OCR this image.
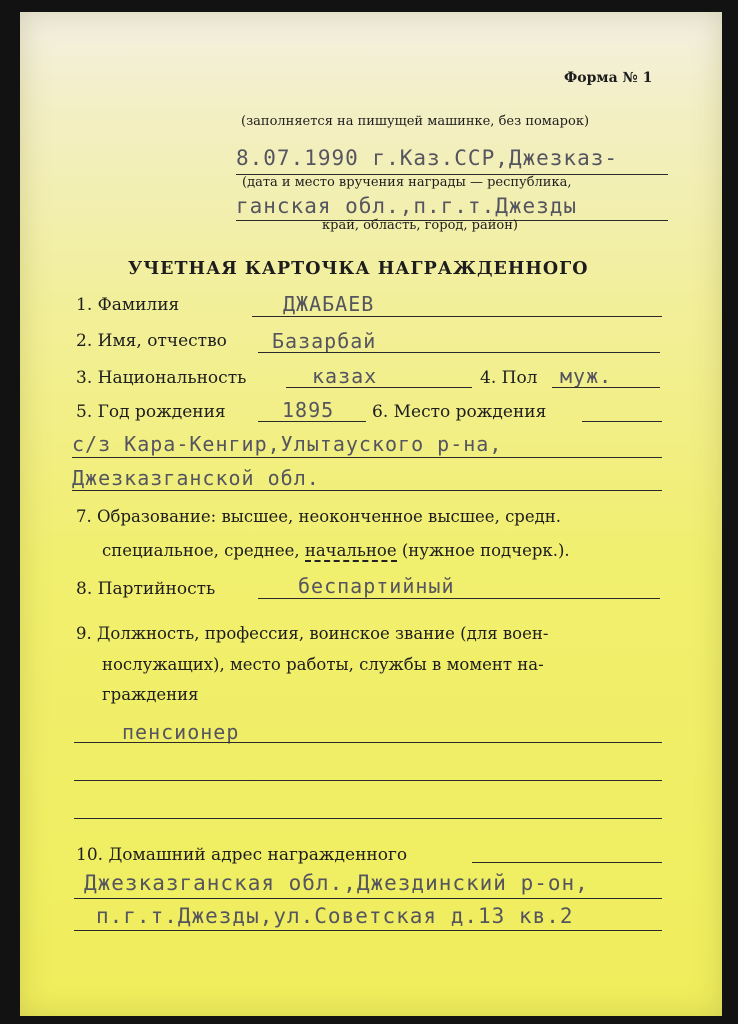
Форма № 1
(заполняется на пишущей машинке, без помарок)
8.07.1990 г.Каз.ССР,Джезказ-
(дата и место вручения награды — республика,
ганская обл.,п.г.т.Джезды
край, область, город, район)
УЧЕТНАЯ КАРТОЧКА НАГРАЖДЕННОГО
1. Фамилия	ДЖАБАЕВ
2. Имя, отчество Базарбай
3. Национальность	казах	4. Пол муж.
5. Год рождения	1895 6. Место рождения
с/з Кара-Кенгир,Улытауского р-на,
Джезказганской обл.
7. Образование: высшее, неоконченное высшее, средн.
специальное, среднее, начальное (нужное подчерк.).
8. Партийность	беспартийный
9. Должность, профессия, воинское звание (для воен-
нослужащих), место работы, службы в момент на-
граждения
пенсионер
10. Домашний адрес награжденного
Джезказганская обл.,Джездинский р-он,
п.г.т.Джезды,ул.Советская д.13 кв.2
